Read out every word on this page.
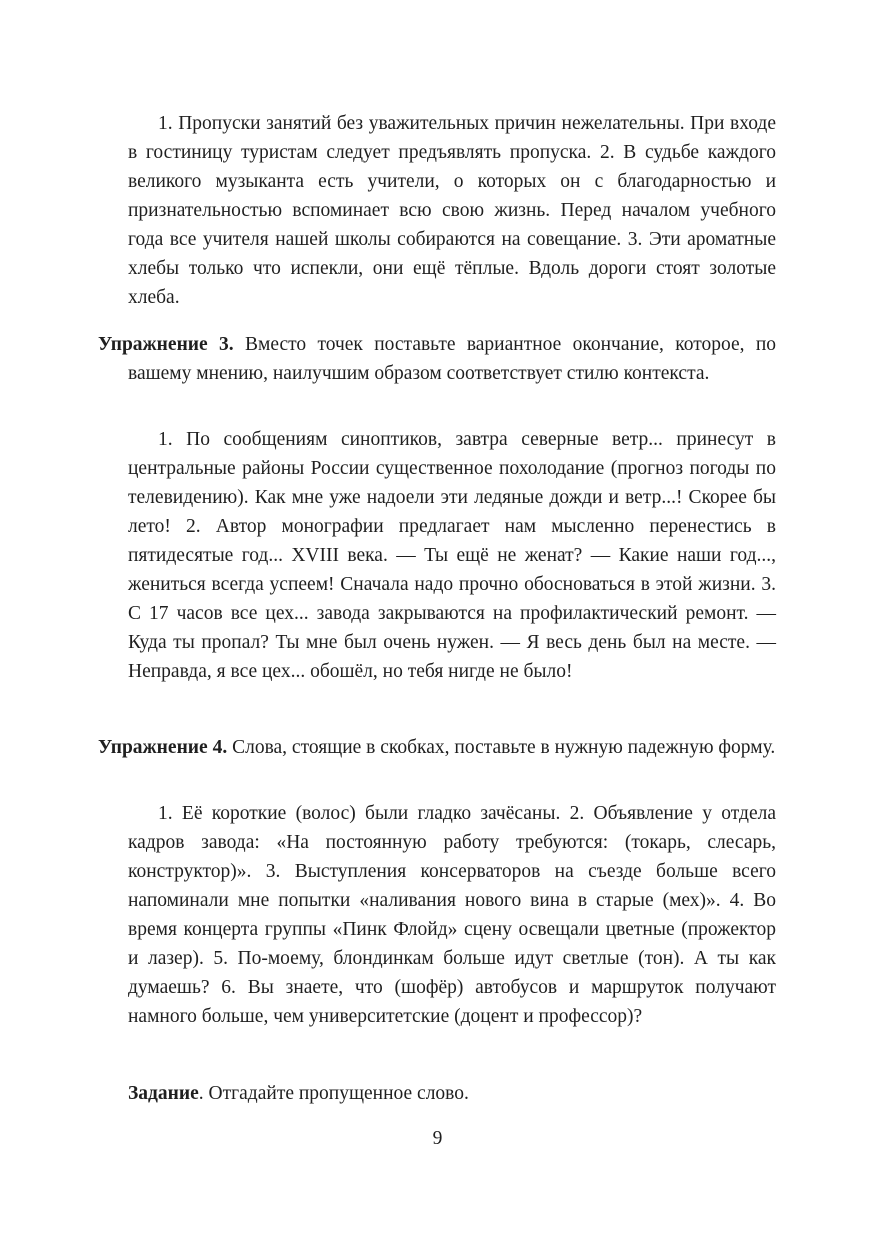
1. Пропуски занятий без уважительных причин нежелательны. При входе в гостиницу туристам следует предъявлять пропуска. 2. В судьбе каждого великого музыканта есть учители, о которых он с благодарностью и признательностью вспоминает всю свою жизнь. Перед началом учебного года все учителя нашей школы собираются на совещание. 3. Эти ароматные хлебы только что испекли, они ещё тёплые. Вдоль дороги стоят золотые хлеба.

Упражнение 3. Вместо точек поставьте вариантное окончание, которое, по вашему мнению, наилучшим образом соответствует стилю контекста.

1. По сообщениям синоптиков, завтра северные ветр... принесут в центральные районы России существенное похолодание (прогноз погоды по телевидению). Как мне уже надоели эти ледяные дожди и ветр...! Скорее бы лето! 2. Автор монографии предлагает нам мысленно перенестись в пятидесятые год... XVIII века. — Ты ещё не женат? — Какие наши год..., жениться всегда успеем! Сначала надо прочно обосноваться в этой жизни. 3. С 17 часов все цех... завода закрываются на профилактический ремонт. — Куда ты пропал? Ты мне был очень нужен. — Я весь день был на месте. — Неправда, я все цех... обошёл, но тебя нигде не было!

Упражнение 4. Слова, стоящие в скобках, поставьте в нужную падежную форму.

1. Её короткие (волос) были гладко зачёсаны. 2. Объявление у отдела кадров завода: «На постоянную работу требуются: (токарь, слесарь, конструктор)». 3. Выступления консерваторов на съезде больше всего напоминали мне попытки «наливания нового вина в старые (мех)». 4. Во время концерта группы «Пинк Флойд» сцену освещали цветные (прожектор и лазер). 5. По-моему, блондинкам больше идут светлые (тон). А ты как думаешь? 6. Вы знаете, что (шофёр) автобусов и маршруток получают намного больше, чем университетские (доцент и профессор)?

Задание. Отгадайте пропущенное слово.

9
